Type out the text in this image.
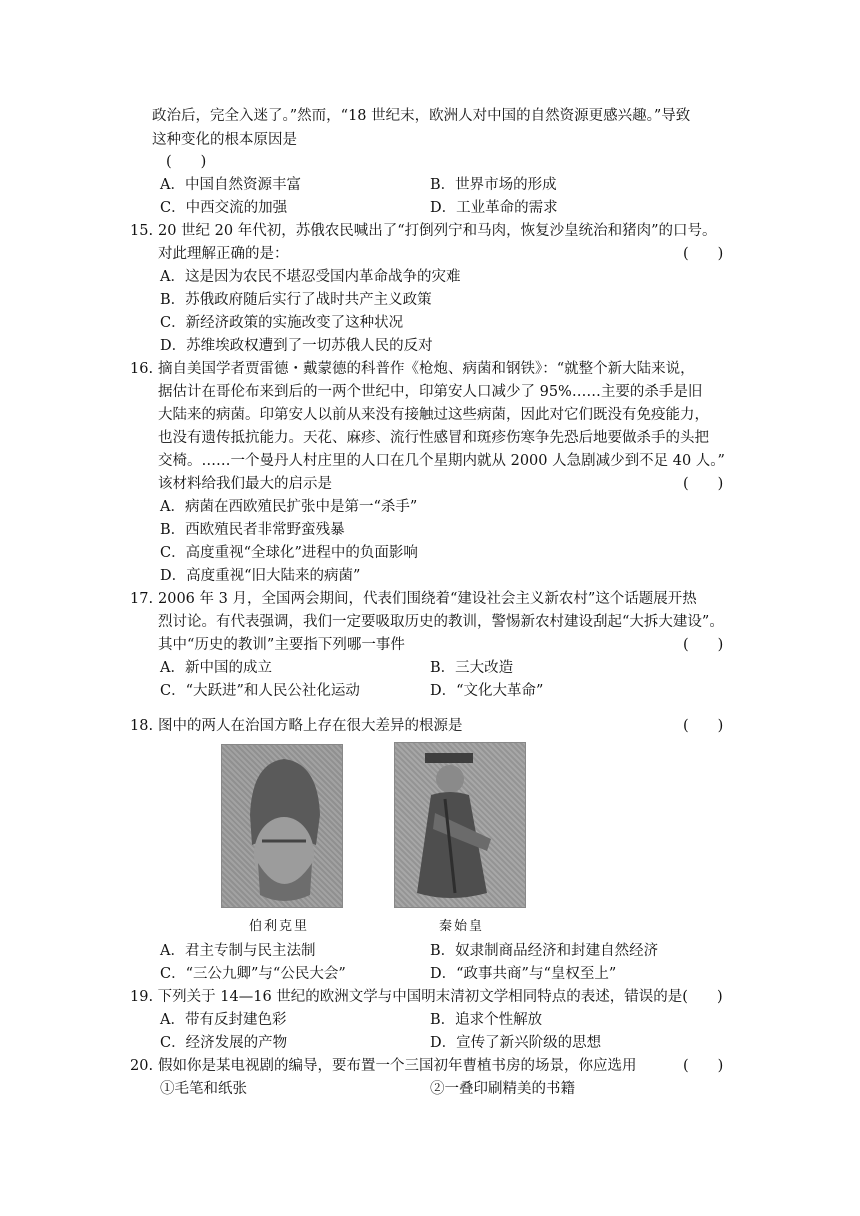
政治后，完全入迷了。”然而，“18 世纪末，欧洲人对中国的自然资源更感兴趣。”导致
这种变化的根本原因是
(　　)
A．中国自然资源丰富	B．世界市场的形成
C．中西交流的加强	D．工业革命的需求
15. 20 世纪 20 年代初，苏俄农民喊出了“打倒列宁和马肉，恢复沙皇统治和猪肉”的口号。
对此理解正确的是：	(　　)
A．这是因为农民不堪忍受国内革命战争的灾难
B．苏俄政府随后实行了战时共产主义政策
C．新经济政策的实施改变了这种状况
D．苏维埃政权遭到了一切苏俄人民的反对
16. 摘自美国学者贾雷德・戴蒙德的科普作《枪炮、病菌和钢铁》：“就整个新大陆来说，
据估计在哥伦布来到后的一两个世纪中，印第安人口减少了 95%……主要的杀手是旧
大陆来的病菌。印第安人以前从来没有接触过这些病菌，因此对它们既没有免疫能力，
也没有遗传抵抗能力。天花、麻疹、流行性感冒和斑疹伤寒争先恐后地要做杀手的头把
交椅。……一个曼丹人村庄里的人口在几个星期内就从 2000 人急剧减少到不足 40 人。”
该材料给我们最大的启示是	(　　)
A．病菌在西欧殖民扩张中是第一“杀手”
B．西欧殖民者非常野蛮残暴
C．高度重视“全球化”进程中的负面影响
D．高度重视“旧大陆来的病菌”
17. 2006 年 3 月，全国两会期间，代表们围绕着“建设社会主义新农村”这个话题展开热
烈讨论。有代表强调，我们一定要吸取历史的教训，警惕新农村建设刮起“大拆大建设”。
其中“历史的教训”主要指下列哪一事件	(　　)
A．新中国的成立	B．三大改造
C．“大跃进”和人民公社化运动	D．“文化大革命”
18. 图中的两人在治国方略上存在很大差异的根源是	(　　)
伯利克里	秦始皇
A．君主专制与民主法制	B．奴隶制商品经济和封建自然经济
C．“三公九卿”与“公民大会”	D．“政事共商”与“皇权至上”
19. 下列关于 14—16 世纪的欧洲文学与中国明末清初文学相同特点的表述，错误的是(　　)
A．带有反封建色彩	B．追求个性解放
C．经济发展的产物	D．宣传了新兴阶级的思想
20. 假如你是某电视剧的编导，要布置一个三国初年曹植书房的场景，你应选用	(　　)
①毛笔和纸张	②一叠印刷精美的书籍
